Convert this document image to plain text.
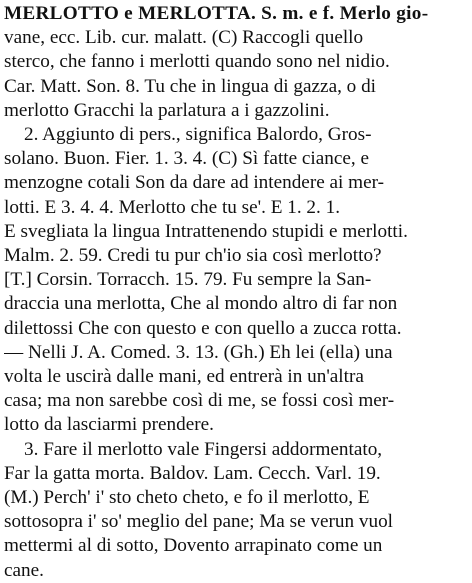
MERLOTTO e MERLOTTA. S. m. e f. Merlo gio-
vane, ecc. Lib. cur. malatt. (C) Raccogli quello
sterco, che fanno i merlotti quando sono nel nidio.
Car. Matt. Son. 8. Tu che in lingua di gazza, o di
merlotto Gracchi la parlatura a i gazzolini.
2. Aggiunto di pers., significa Balordo, Gros-
solano. Buon. Fier. 1. 3. 4. (C) Sì fatte ciance, e
menzogne cotali Son da dare ad intendere ai mer-
lotti. E 3. 4. 4. Merlotto che tu se'. E 1. 2. 1.
E svegliata la lingua Intrattenendo stupidi e merlotti.
Malm. 2. 59. Credi tu pur ch'io sia così merlotto?
[T.] Corsin. Torracch. 15. 79. Fu sempre la San-
draccia una merlotta, Che al mondo altro di far non
dilettossi Che con questo e con quello a zucca rotta.
— Nelli J. A. Comed. 3. 13. (Gh.) Eh lei (ella) una
volta le uscirà dalle mani, ed entrerà in un'altra
casa; ma non sarebbe così di me, se fossi così mer-
lotto da lasciarmi prendere.
3. Fare il merlotto vale Fingersi addormentato,
Far la gatta morta. Baldov. Lam. Cecch. Varl. 19.
(M.) Perch' i' sto cheto cheto, e fo il merlotto, E
sottosopra i' so' meglio del pane; Ma se verun vuol
mettermi al di sotto, Dovento arrapinato come un
cane.
